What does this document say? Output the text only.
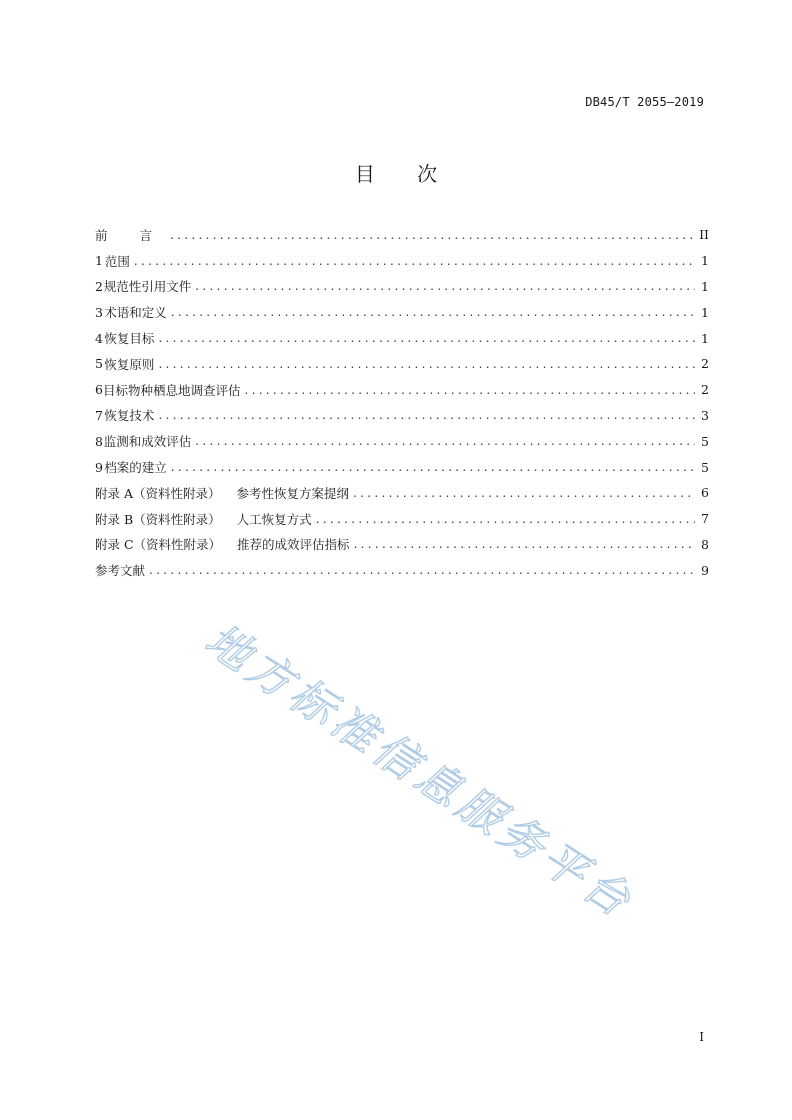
DB45/T 2055—2019
目 次
前 言 .....	II
1 范围 .....	1
2 规范性引用文件 .....	1
3 术语和定义 .....	1
4 恢复目标 .....	1
5 恢复原则 .....	2
6 目标物种栖息地调查评估 .....	2
7 恢复技术 .....	3
8 监测和成效评估 .....	5
9 档案的建立 .....	5
附录 A（资料性附录） 参考性恢复方案提纲 .....	6
附录 B（资料性附录） 人工恢复方式 .....	7
附录 C（资料性附录） 推荐的成效评估指标 .....	8
参考文献 .....	9
地方标准信息服务平台
I
